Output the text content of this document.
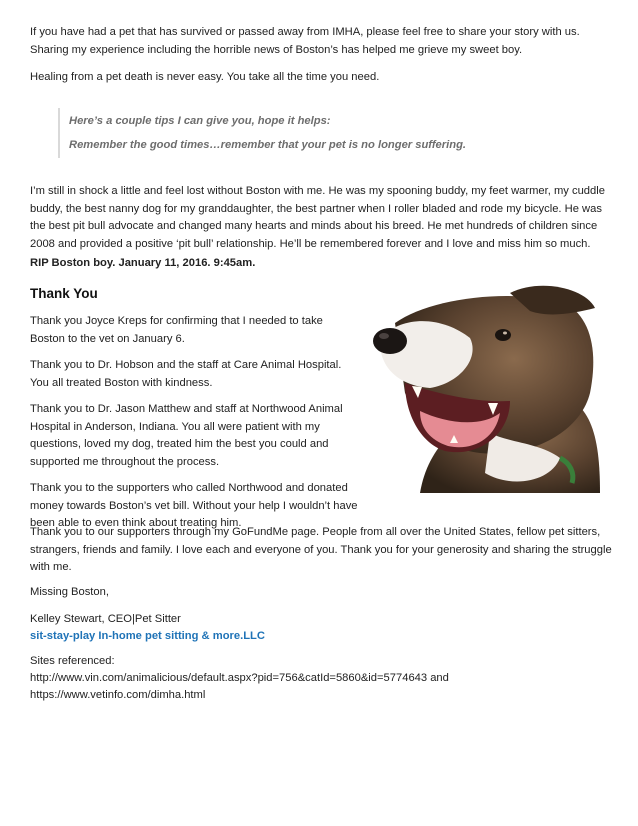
If you have had a pet that has survived or passed away from IMHA, please feel free to share your story with us. Sharing my experience including the horrible news of Boston’s has helped me grieve my sweet boy.

Healing from a pet death is never easy. You take all the time you need.

Here’s a couple tips I can give you, hope it helps:

Remember the good times…remember that your pet is no longer suffering.

I’m still in shock a little and feel lost without Boston with me. He was my spooning buddy, my feet warmer, my cuddle buddy, the best nanny dog for my granddaughter, the best partner when I roller bladed and rode my bicycle. He was the best pit bull advocate and changed many hearts and minds about his breed. He met hundreds of children since 2008 and provided a positive ‘pit bull’ relationship. He’ll be remembered forever and I love and miss him so much.

RIP Boston boy. January 11, 2016. 9:45am.

Thank You

Thank you Joyce Kreps for confirming that I needed to take Boston to the vet on January 6.

Thank you to Dr. Hobson and the staff at Care Animal Hospital. You all treated Boston with kindness.

Thank you to Dr. Jason Matthew and staff at Northwood Animal Hospital in Anderson, Indiana. You all were patient with my questions, loved my dog, treated him the best you could and supported me throughout the process.

Thank you to the supporters who called Northwood and donated money towards Boston’s vet bill. Without your help I wouldn’t have been able to even think about treating him.

Thank you to our supporters through my GoFundMe page. People from all over the United States, fellow pet sitters, strangers, friends and family. I love each and everyone of you. Thank you for your generosity and sharing the struggle with me.

Missing Boston,

Kelley Stewart, CEO|Pet Sitter

sit-stay-play In-home pet sitting & more.LLC

Sites referenced:

http://www.vin.com/animalicious/default.aspx?pid=756&catId=5860&id=5774643 and

https://www.vetinfo.com/dimha.html
